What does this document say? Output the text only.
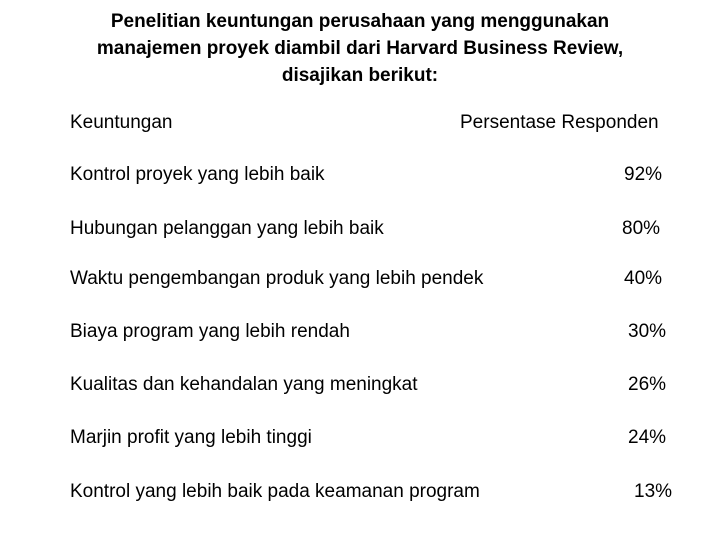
Penelitian keuntungan perusahaan yang menggunakan
manajemen proyek diambil dari Harvard Business Review,
disajikan berikut:
Keuntungan	Persentase Responden
Kontrol proyek yang lebih baik	92%
Hubungan pelanggan yang lebih baik	80%
Waktu pengembangan produk yang lebih pendek	40%
Biaya program yang lebih rendah	30%
Kualitas dan kehandalan yang meningkat	26%
Marjin profit yang lebih tinggi	24%
Kontrol yang lebih baik pada keamanan program	13%
